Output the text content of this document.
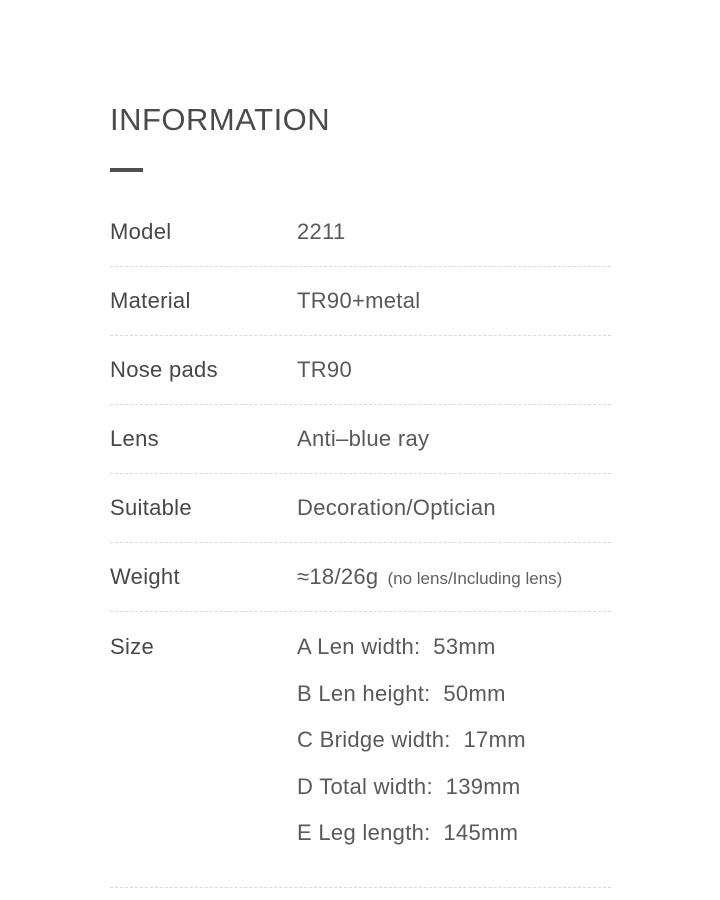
INFORMATION
Model	2211
Material	TR90+metal
Nose pads	TR90
Lens	Anti–blue ray
Suitable	Decoration/Optician
Weight	≈18/26g (no lens/Including lens)
Size	A Len width:  53mm
B Len height:  50mm
C Bridge width:  17mm
D Total width:  139mm
E Leg length:  145mm
